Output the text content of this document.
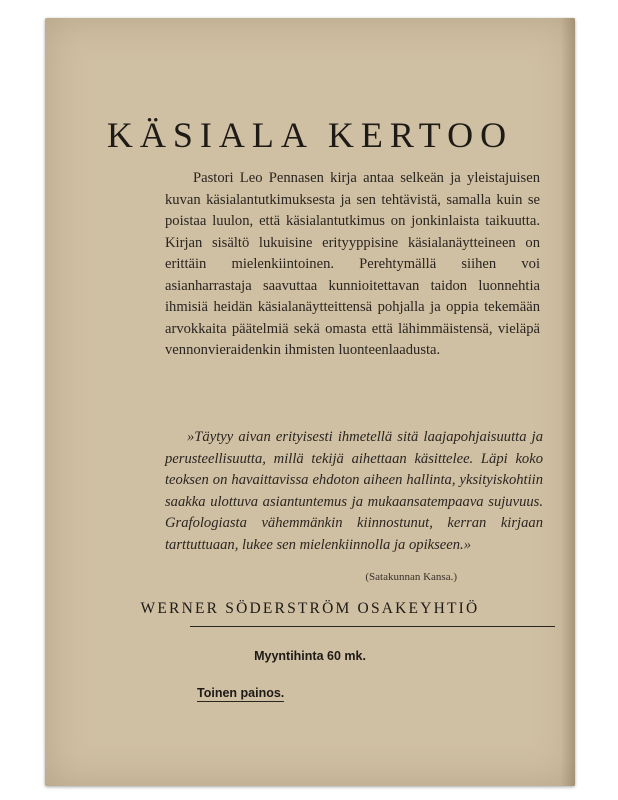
KÄSIALA KERTOO

Pastori Leo Pennasen kirja antaa selkeän ja yleistajuisen kuvan käsialantutkimuksesta ja sen tehtävistä, samalla kuin se poistaa luulon, että käsialantutkimus on jonkinlaista taikuutta. Kirjan sisältö lukuisine erityyppisine käsialanäytteineen on erittäin mielenkiintoinen. Perehtymällä siihen voi asianharrastaja saavuttaa kunnioitettavan taidon luonnehtia ihmisiä heidän käsialanäytteittensä pohjalla ja oppia tekemään arvokkaita päätelmiä sekä omasta että lähimmäistensä, vieläpä vennonvieraidenkin ihmisten luonteenlaadusta.

»Täytyy aivan erityisesti ihmetellä sitä laajapohjaisuutta ja perusteellisuutta, millä tekijä aihettaan käsittelee. Läpi koko teoksen on havaittavissa ehdoton aiheen hallinta, yksityiskohtiin saakka ulottuva asiantuntemus ja mukaansatempaava sujuvuus. Grafologiasta vähemmänkin kiinnostunut, kerran kirjaan tarttuttuaan, lukee sen mielenkiinnolla ja opikseen.»

(Satakunnan Kansa.)
WERNER SÖDERSTRÖM OSAKEYHTIÖ
Myyntihinta 60 mk.
Toinen painos.
